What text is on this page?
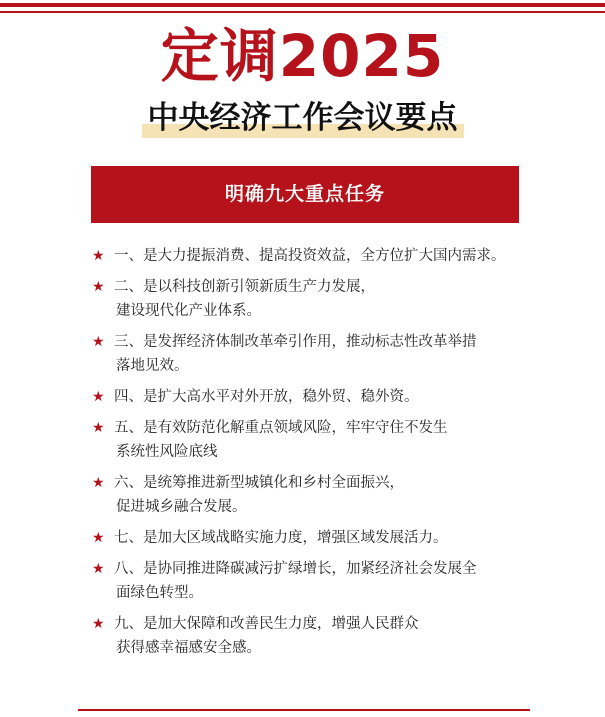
定调2025
中央经济工作会议要点
明确九大重点任务
★ 一、是大力提振消费、提高投资效益，全方位扩大国内需求。
★ 二、是以科技创新引领新质生产力发展，
建设现代化产业体系。
★ 三、是发挥经济体制改革牵引作用，推动标志性改革举措
落地见效。
★ 四、是扩大高水平对外开放，稳外贸、稳外资。
★ 五、是有效防范化解重点领域风险，牢牢守住不发生
系统性风险底线
★ 六、是统筹推进新型城镇化和乡村全面振兴，
促进城乡融合发展。
★ 七、是加大区域战略实施力度，增强区域发展活力。
★ 八、是协同推进降碳减污扩绿增长，加紧经济社会发展全
面绿色转型。
★ 九、是加大保障和改善民生力度，增强人民群众
获得感幸福感安全感。
